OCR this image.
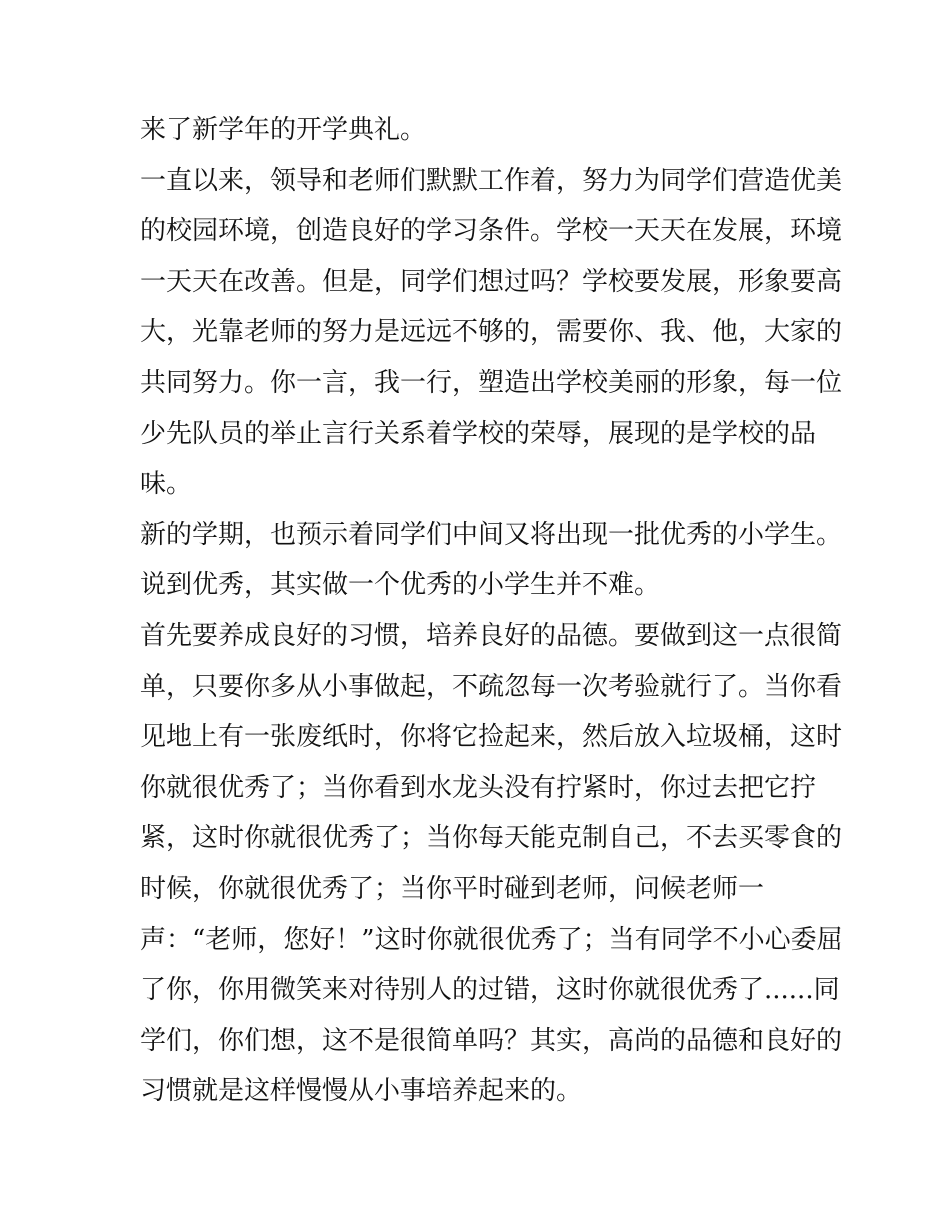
来了新学年的开学典礼。

一直以来，领导和老师们默默工作着，努力为同学们营造优美

的校园环境，创造良好的学习条件。学校一天天在发展，环境

一天天在改善。但是，同学们想过吗？学校要发展，形象要高

大，光靠老师的努力是远远不够的，需要你、我、他，大家的

共同努力。你一言，我一行，塑造出学校美丽的形象，每一位

少先队员的举止言行关系着学校的荣辱，展现的是学校的品

味。

新的学期，也预示着同学们中间又将出现一批优秀的小学生。

说到优秀，其实做一个优秀的小学生并不难。

首先要养成良好的习惯，培养良好的品德。要做到这一点很简

单，只要你多从小事做起，不疏忽每一次考验就行了。当你看

见地上有一张废纸时，你将它捡起来，然后放入垃圾桶，这时

你就很优秀了；当你看到水龙头没有拧紧时，你过去把它拧

紧，这时你就很优秀了；当你每天能克制自己，不去买零食的

时候，你就很优秀了；当你平时碰到老师，问候老师一

声：“老师，您好！”这时你就很优秀了；当有同学不小心委屈

了你，你用微笑来对待别人的过错，这时你就很优秀了......同

学们，你们想，这不是很简单吗？其实，高尚的品德和良好的

习惯就是这样慢慢从小事培养起来的。
